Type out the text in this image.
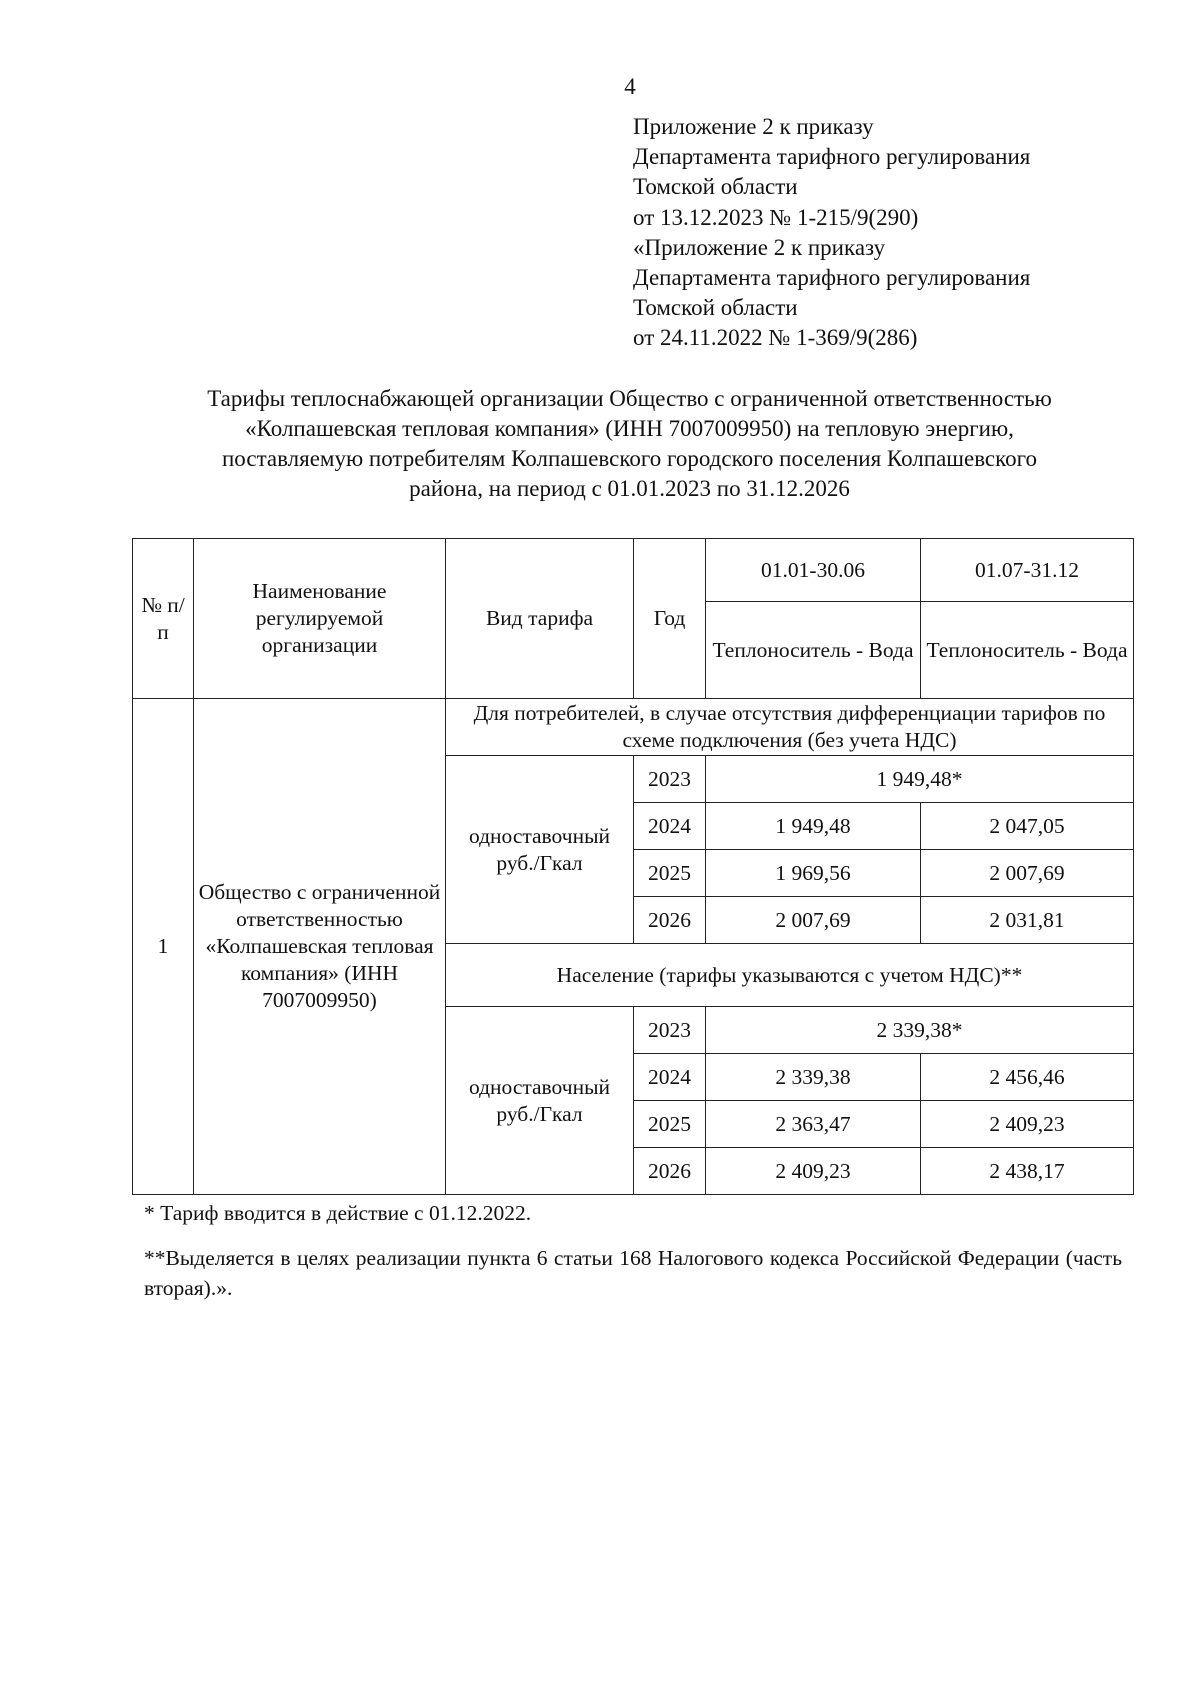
4
Приложение 2 к приказу
Департамента тарифного регулирования
Томской области
от 13.12.2023 № 1-215/9(290)
«Приложение 2 к приказу
Департамента тарифного регулирования
Томской области
от 24.11.2022 № 1-369/9(286)
Тарифы теплоснабжающей организации Общество с ограниченной ответственностью
«Колпашевская тепловая компания» (ИНН 7007009950) на тепловую энергию,
поставляемую потребителям Колпашевского городского поселения Колпашевского
района, на период с 01.01.2023 по 31.12.2026
№ п/п	Наименование регулируемой организации	Вид тарифа	Год	01.01-30.06	01.07-31.12
				Теплоноситель - Вода	Теплоноситель - Вода
1	Общество с ограниченной ответственностью «Колпашевская тепловая компания» (ИНН 7007009950)	Для потребителей, в случае отсутствия дифференциации тарифов по схеме подключения (без учета НДС)			
		одноставочный руб./Гкал	2023	1 949,48*	
			2024	1 949,48	2 047,05
			2025	1 969,56	2 007,69
			2026	2 007,69	2 031,81
		Население (тарифы указываются с учетом НДС)**			
		одноставочный руб./Гкал	2023	2 339,38*	
			2024	2 339,38	2 456,46
			2025	2 363,47	2 409,23
			2026	2 409,23	2 438,17
* Тариф вводится в действие с 01.12.2022.
**Выделяется в целях реализации пункта 6 статьи 168 Налогового кодекса Российской Федерации (часть вторая).».
